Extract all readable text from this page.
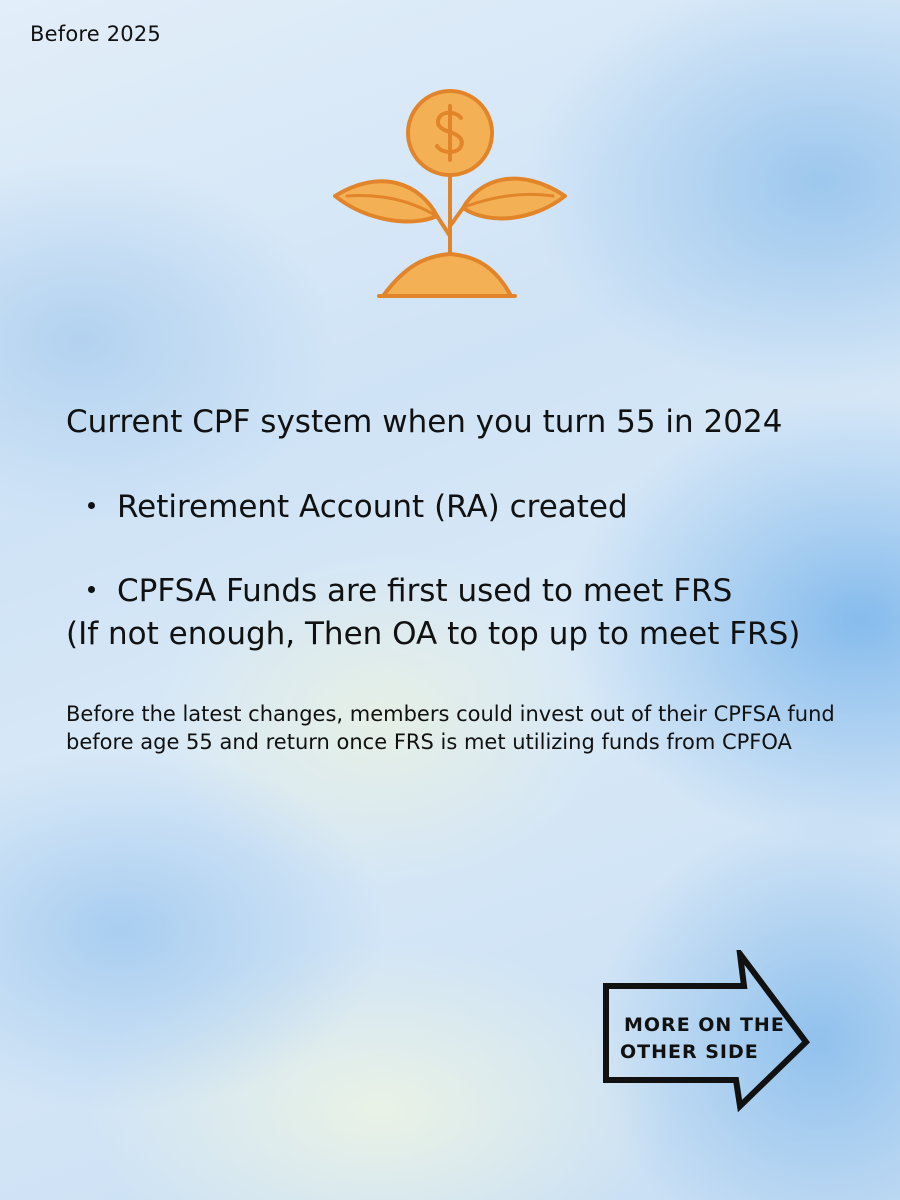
Before 2025
Current CPF system when you turn 55 in 2024
Retirement Account (RA) created
CPFSA Funds are first used to meet FRS
(If not enough, Then OA to top up to meet FRS)
Before the latest changes, members could invest out of their CPFSA fund before age 55 and return once FRS is met utilizing funds from CPFOA
MORE ON THE
OTHER SIDE
